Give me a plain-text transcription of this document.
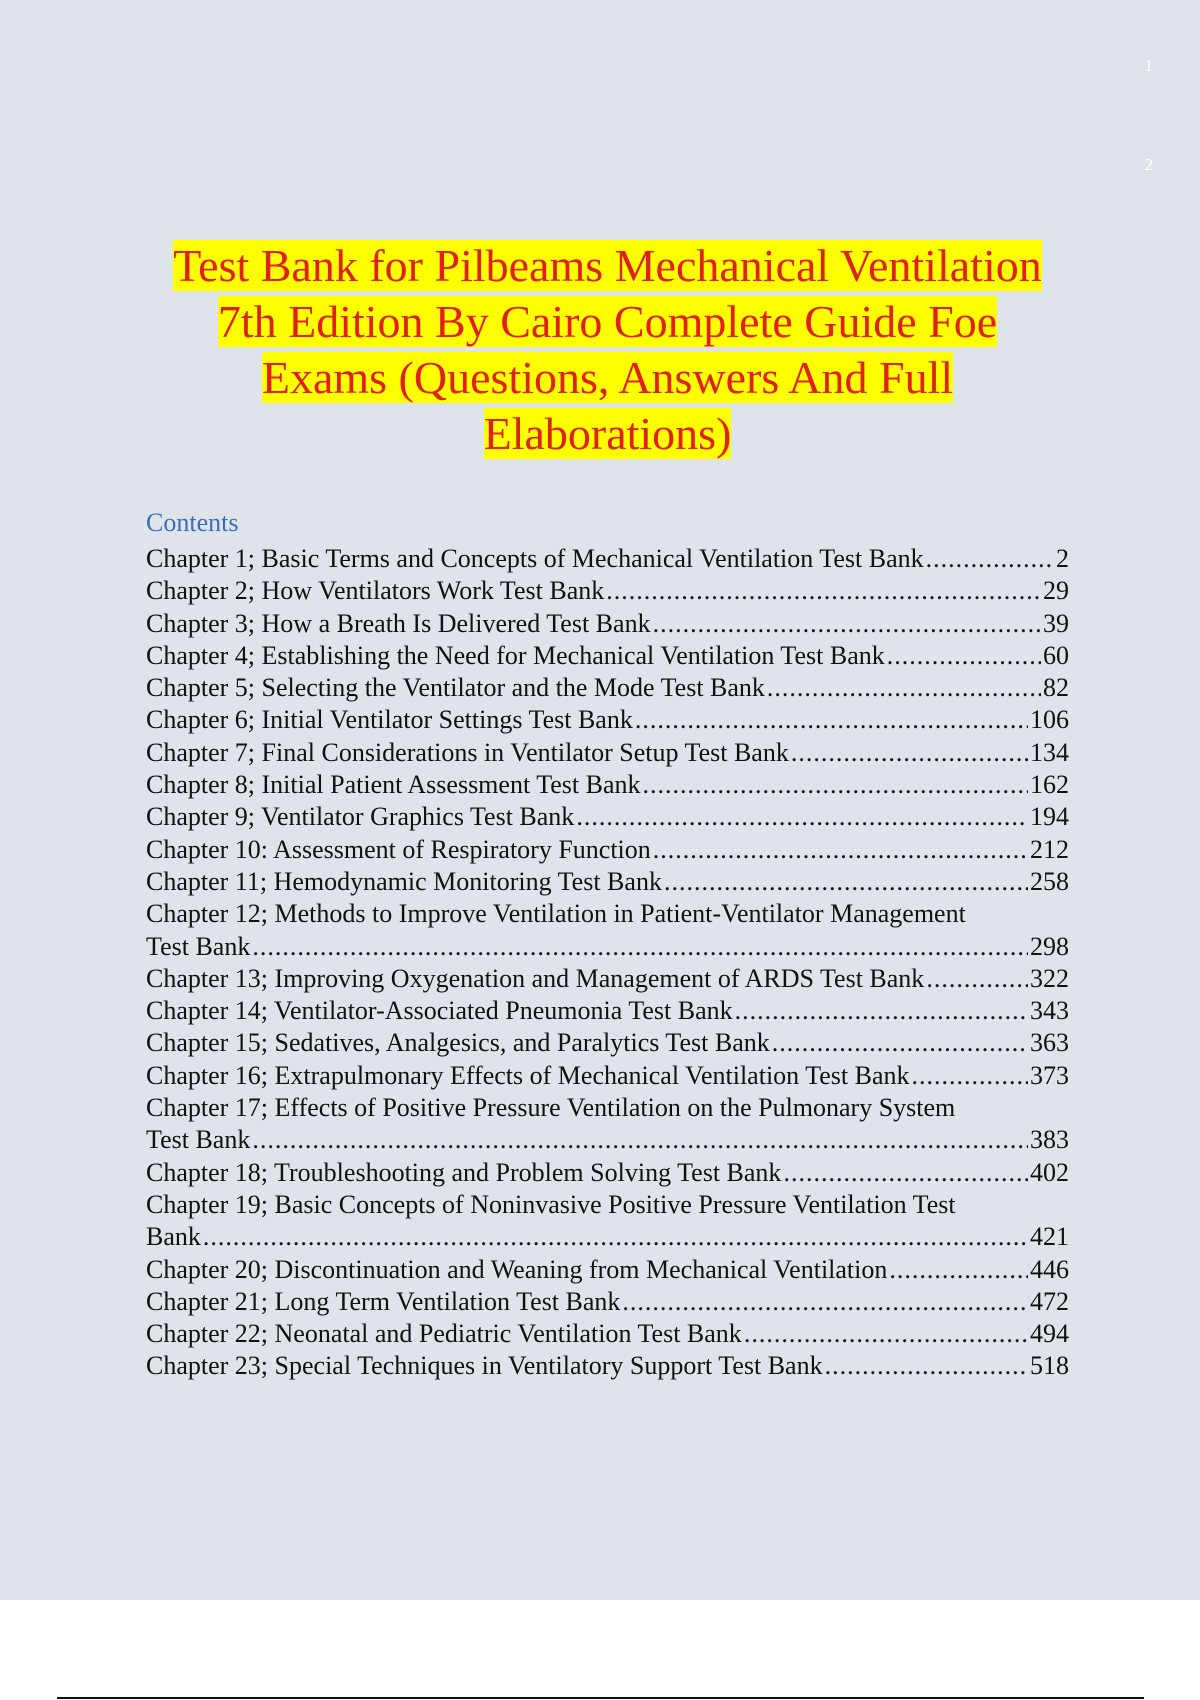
1
2
Test Bank for Pilbeams Mechanical Ventilation
7th Edition By Cairo Complete Guide Foe
Exams (Questions, Answers And Full
Elaborations)
Contents
Chapter 1; Basic Terms and Concepts of Mechanical Ventilation Test Bank .....	2
Chapter 2; How Ventilators Work Test Bank .....	29
Chapter 3; How a Breath Is Delivered Test Bank .....	39
Chapter 4; Establishing the Need for Mechanical Ventilation Test Bank .....	60
Chapter 5; Selecting the Ventilator and the Mode Test Bank .....	82
Chapter 6; Initial Ventilator Settings Test Bank .....	106
Chapter 7; Final Considerations in Ventilator Setup Test Bank .....	134
Chapter 8; Initial Patient Assessment Test Bank .....	162
Chapter 9; Ventilator Graphics Test Bank .....	194
Chapter 10: Assessment of Respiratory Function .....	212
Chapter 11; Hemodynamic Monitoring Test Bank .....	258
Chapter 12; Methods to Improve Ventilation in Patient-Ventilator Management
Test Bank .....	298
Chapter 13; Improving Oxygenation and Management of ARDS Test Bank .....	322
Chapter 14; Ventilator-Associated Pneumonia Test Bank .....	343
Chapter 15; Sedatives, Analgesics, and Paralytics Test Bank .....	363
Chapter 16; Extrapulmonary Effects of Mechanical Ventilation Test Bank .....	373
Chapter 17; Effects of Positive Pressure Ventilation on the Pulmonary System
Test Bank .....	383
Chapter 18; Troubleshooting and Problem Solving Test Bank .....	402
Chapter 19; Basic Concepts of Noninvasive Positive Pressure Ventilation Test
Bank .....	421
Chapter 20; Discontinuation and Weaning from Mechanical Ventilation .....	446
Chapter 21; Long Term Ventilation Test Bank .....	472
Chapter 22; Neonatal and Pediatric Ventilation Test Bank .....	494
Chapter 23; Special Techniques in Ventilatory Support Test Bank .....	518
